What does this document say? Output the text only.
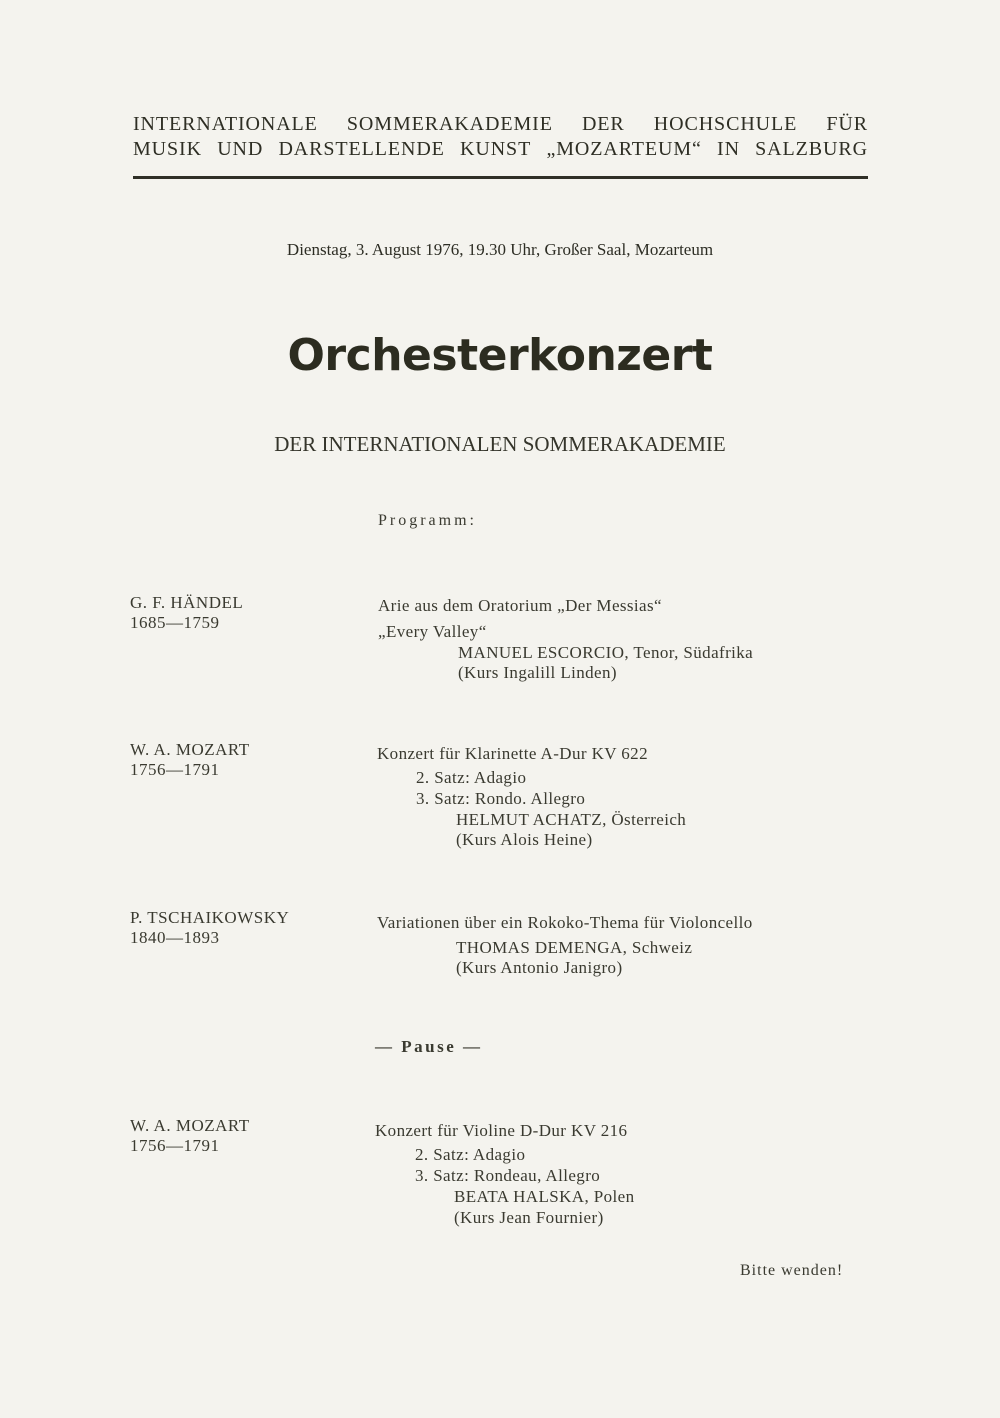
INTERNATIONALE SOMMERAKADEMIE DER HOCHSCHULE FÜR
MUSIK UND DARSTELLENDE KUNST „MOZARTEUM“ IN SALZBURG
Dienstag, 3. August 1976, 19.30 Uhr, Großer Saal, Mozarteum
Orchesterkonzert
DER INTERNATIONALEN SOMMERAKADEMIE
Programm:
G. F. HÄNDEL
1685—1759
Arie aus dem Oratorium „Der Messias“
„Every Valley“
MANUEL ESCORCIO, Tenor, Südafrika
(Kurs Ingalill Linden)
W. A. MOZART
1756—1791
Konzert für Klarinette A-Dur KV 622
2. Satz: Adagio
3. Satz: Rondo. Allegro
HELMUT ACHATZ, Österreich
(Kurs Alois Heine)
P. TSCHAIKOWSKY
1840—1893
Variationen über ein Rokoko-Thema für Violoncello
THOMAS DEMENGA, Schweiz
(Kurs Antonio Janigro)
— Pause —
W. A. MOZART
1756—1791
Konzert für Violine D-Dur KV 216
2. Satz: Adagio
3. Satz: Rondeau, Allegro
BEATA HALSKA, Polen
(Kurs Jean Fournier)
Bitte wenden!
